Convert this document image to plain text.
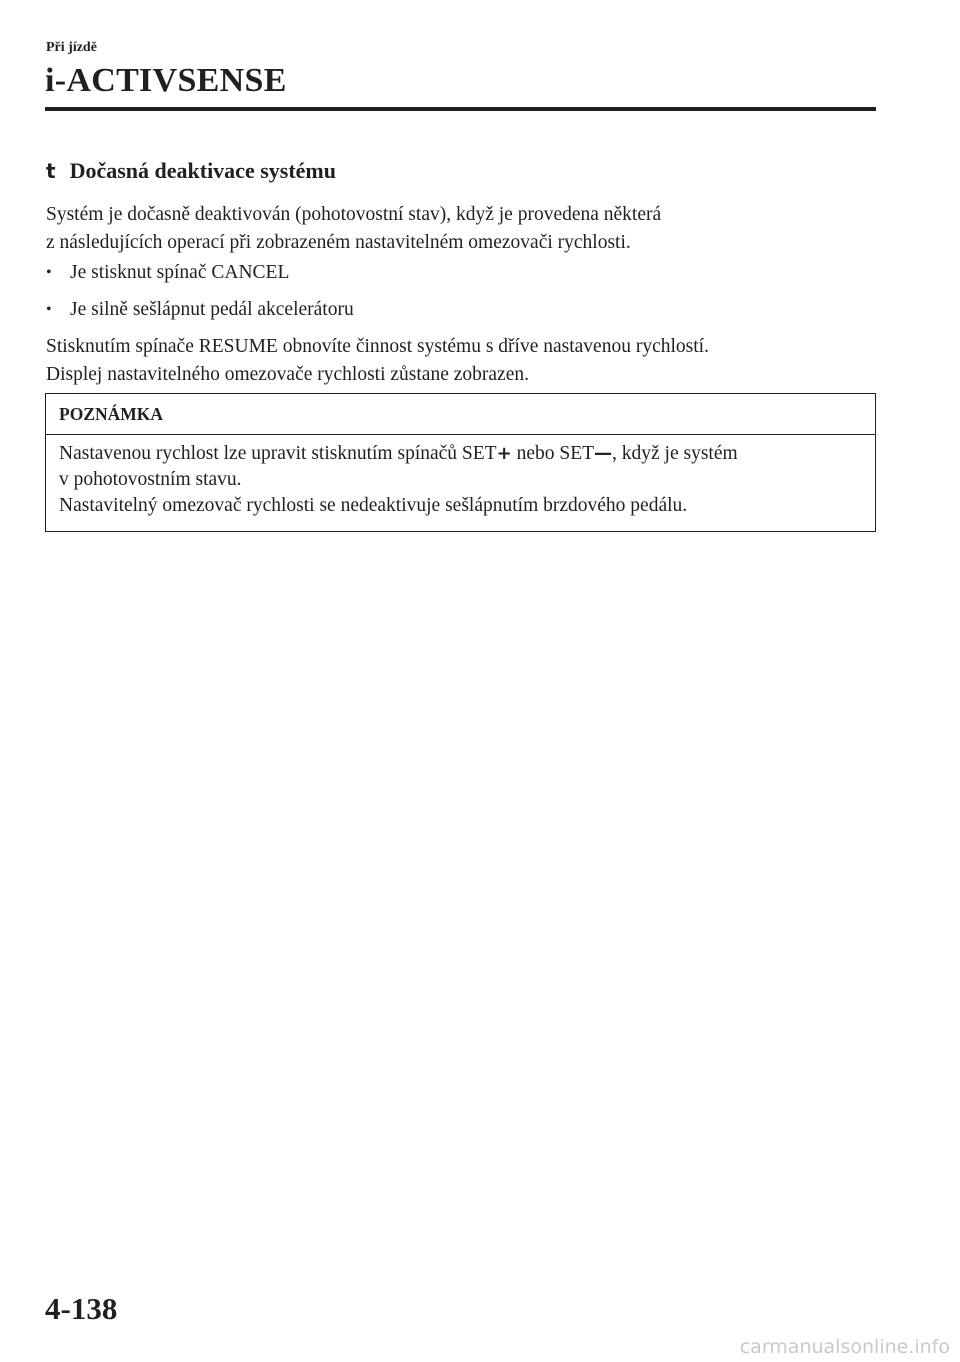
Při jízdě
i-ACTIVSENSE
t Dočasná deaktivace systému
Systém je dočasně deaktivován (pohotovostní stav), když je provedena některá
z následujících operací při zobrazeném nastavitelném omezovači rychlosti.
• Je stisknut spínač CANCEL
• Je silně sešlápnut pedál akcelerátoru
Stisknutím spínače RESUME obnovíte činnost systému s dříve nastavenou rychlostí.
Displej nastavitelného omezovače rychlosti zůstane zobrazen.
POZNÁMKA
Nastavenou rychlost lze upravit stisknutím spínačů SET+ nebo SET—, když je systém
v pohotovostním stavu.
Nastavitelný omezovač rychlosti se nedeaktivuje sešlápnutím brzdového pedálu.
4-138
carmanualsonline.info
